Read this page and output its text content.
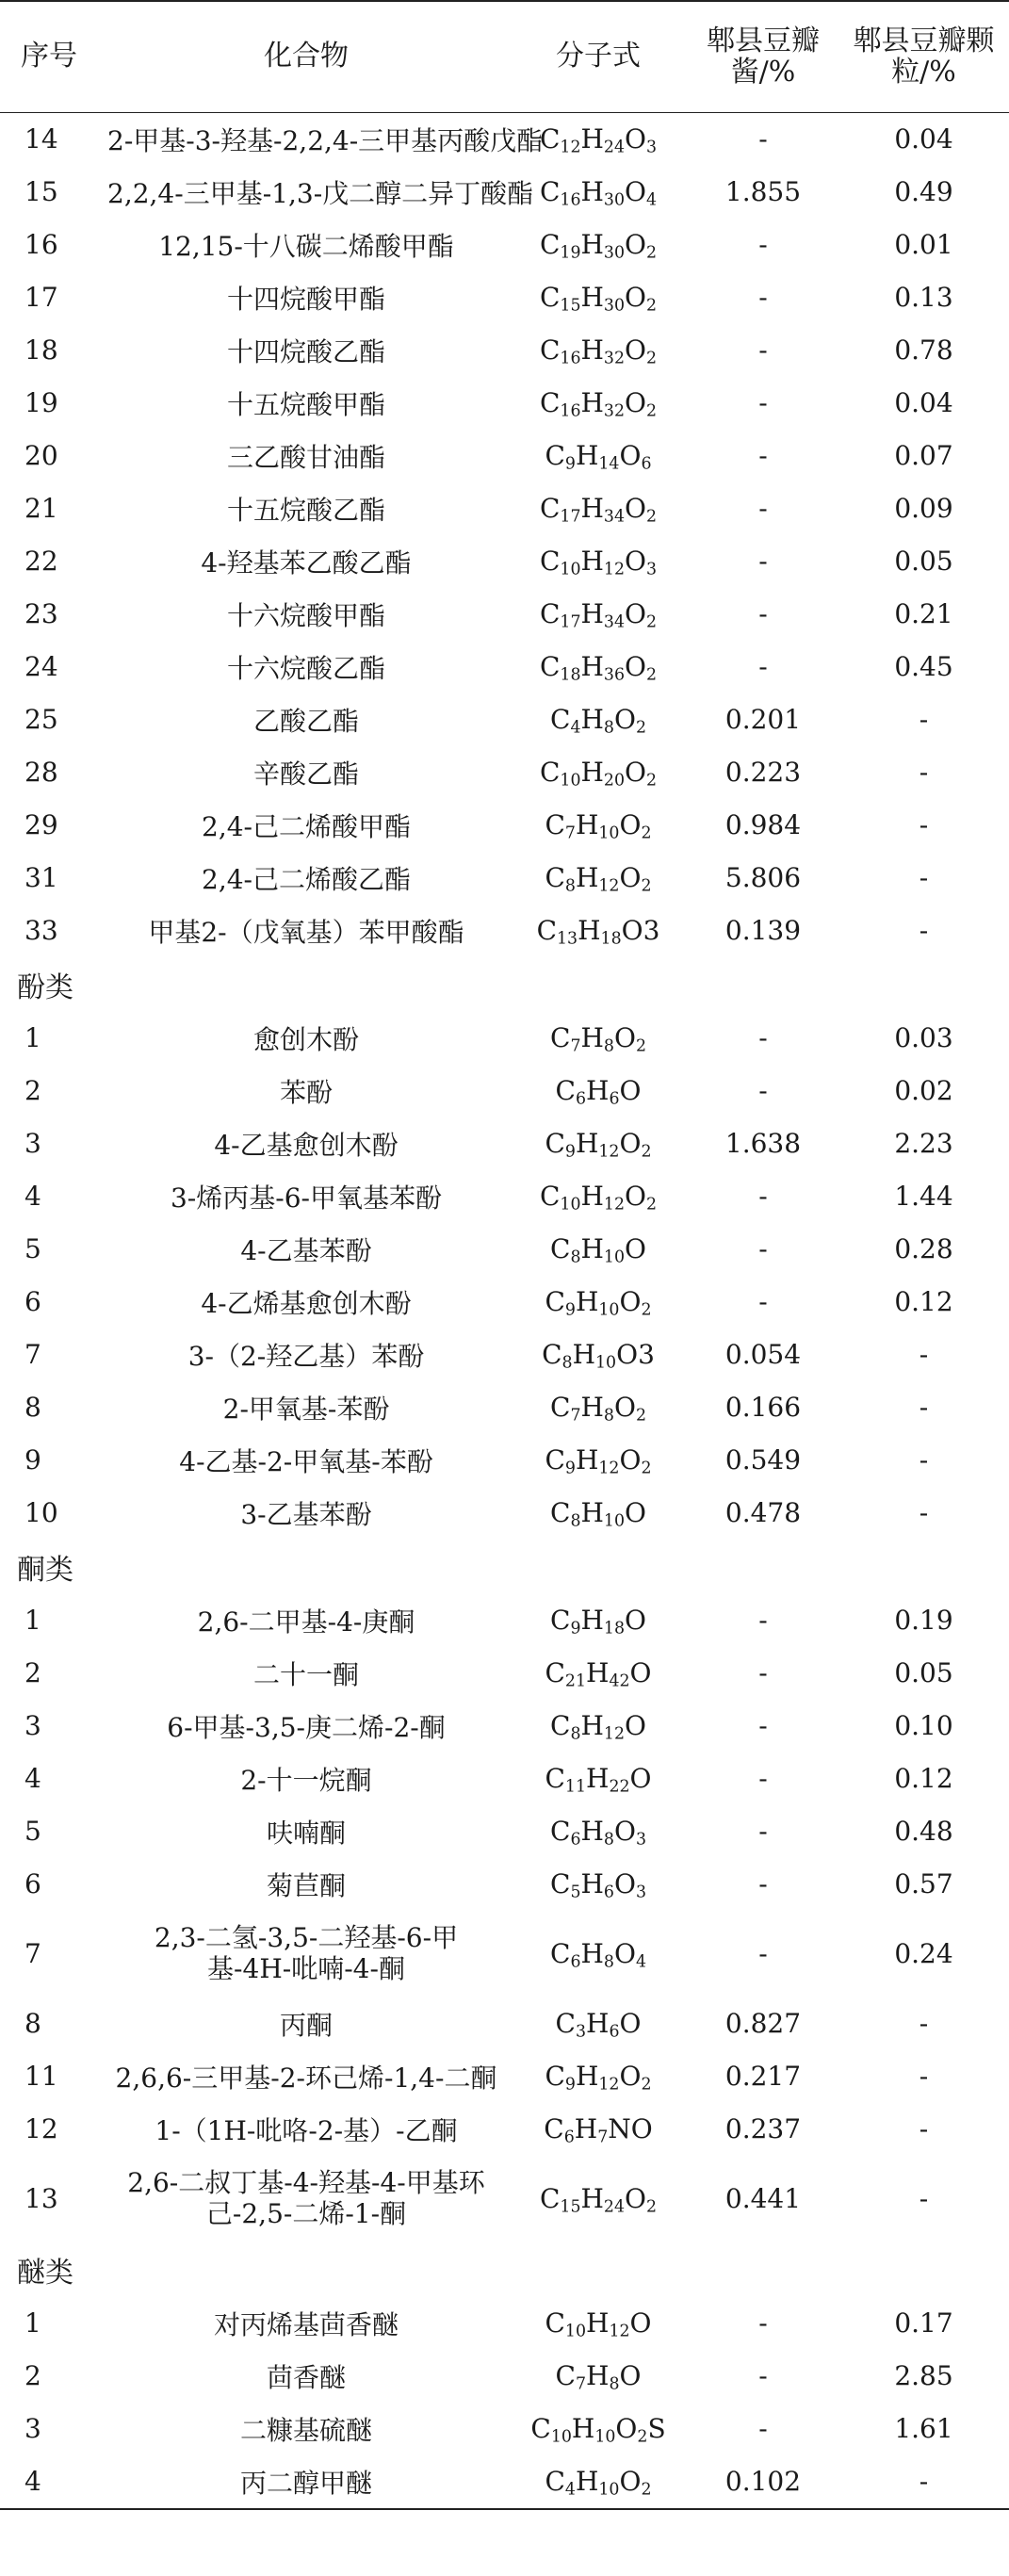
序号	化合物	分子式	郫县豆瓣酱/%	郫县豆瓣颗粒/%
14	2-甲基-3-羟基-2,2,4-三甲基丙酸戊酯	$C_{12}H_{24}O_3$	-	0.04
15	2,2,4-三甲基-1,3-戊二醇二异丁酸酯	$C_{16}H_{30}O_4$	1.855	0.49
16	12,15-十八碳二烯酸甲酯	$C_{19}H_{30}O_2$	-	0.01
17	十四烷酸甲酯	$C_{15}H_{30}O_2$	-	0.13
18	十四烷酸乙酯	$C_{16}H_{32}O_2$	-	0.78
19	十五烷酸甲酯	$C_{16}H_{32}O_2$	-	0.04
20	三乙酸甘油酯	$C_9H_{14}O_6$	-	0.07
21	十五烷酸乙酯	$C_{17}H_{34}O_2$	-	0.09
22	4-羟基苯乙酸乙酯	$C_{10}H_{12}O_3$	-	0.05
23	十六烷酸甲酯	$C_{17}H_{34}O_2$	-	0.21
24	十六烷酸乙酯	$C_{18}H_{36}O_2$	-	0.45
25	乙酸乙酯	$C_4H_8O_2$	0.201	-
28	辛酸乙酯	$C_{10}H_{20}O_2$	0.223	-
29	2,4-己二烯酸甲酯	$C_7H_{10}O_2$	0.984	-
31	2,4-己二烯酸乙酯	$C_8H_{12}O_2$	5.806	-
33	甲基2-（戊氧基）苯甲酸酯	$C_{13}H_{18}O3$	0.139	-
酚类				
1	愈创木酚	$C_7H_8O_2$	-	0.03
2	苯酚	$C_6H_6O$	-	0.02
3	4-乙基愈创木酚	$C_9H_{12}O_2$	1.638	2.23
4	3-烯丙基-6-甲氧基苯酚	$C_{10}H_{12}O_2$	-	1.44
5	4-乙基苯酚	$C_8H_{10}O$	-	0.28
6	4-乙烯基愈创木酚	$C_9H_{10}O_2$	-	0.12
7	3-（2-羟乙基）苯酚	$C_8H_{10}O3$	0.054	-
8	2-甲氧基-苯酚	$C_7H_8O_2$	0.166	-
9	4-乙基-2-甲氧基-苯酚	$C_9H_{12}O_2$	0.549	-
10	3-乙基苯酚	$C_8H_{10}O$	0.478	-
酮类				
1	2,6-二甲基-4-庚酮	$C_9H_{18}O$	-	0.19
2	二十一酮	$C_{21}H_{42}O$	-	0.05
3	6-甲基-3,5-庚二烯-2-酮	$C_8H_{12}O$	-	0.10
4	2-十一烷酮	$C_{11}H_{22}O$	-	0.12
5	呋喃酮	$C_6H_8O_3$	-	0.48
6	菊苣酮	$C_5H_6O_3$	-	0.57
7	2,3-二氢-3,5-二羟基-6-甲基-4H-吡喃-4-酮	$C_6H_8O_4$	-	0.24
8	丙酮	$C_3H_6O$	0.827	-
11	2,6,6-三甲基-2-环己烯-1,4-二酮	$C_9H_{12}O_2$	0.217	-
12	1-（1H-吡咯-2-基）-乙酮	$C_6H_7NO$	0.237	-
13	2,6-二叔丁基-4-羟基-4-甲基环己-2,5-二烯-1-酮	$C_{15}H_{24}O_2$	0.441	-
醚类				
1	对丙烯基茴香醚	$C_{10}H_{12}O$	-	0.17
2	茴香醚	$C_7H_8O$	-	2.85
3	二糠基硫醚	$C_{10}H_{10}O_2S$	-	1.61
4	丙二醇甲醚	$C_4H_{10}O_2$	0.102	-
